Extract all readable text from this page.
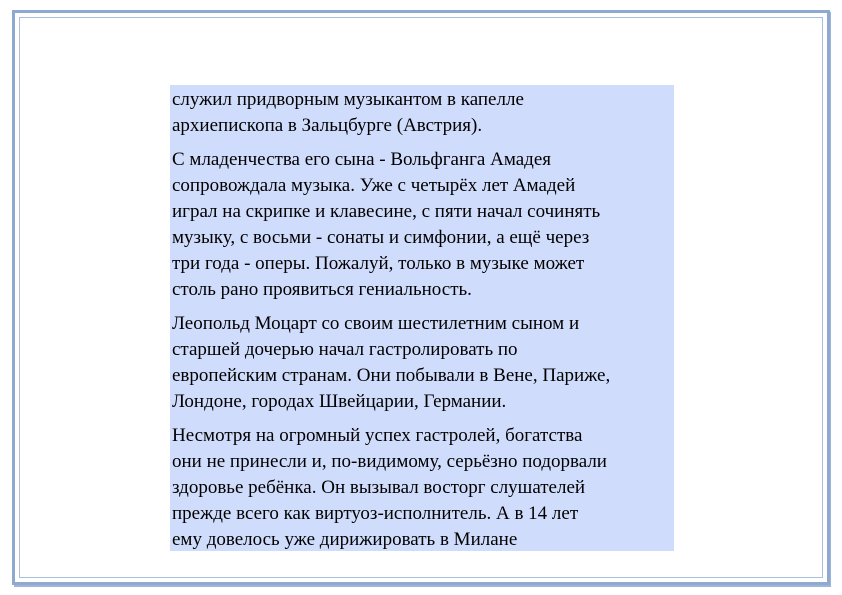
служил придворным музыкантом в капелле
архиепископа в Зальцбурге (Австрия).

С младенчества его сына - Вольфганга Амадея
сопровождала музыка. Уже с четырёх лет Амадей
играл на скрипке и клавесине, с пяти начал сочинять
музыку, с восьми - сонаты и симфонии, а ещё через
три года - оперы. Пожалуй, только в музыке может
столь рано проявиться гениальность.

Леопольд Моцарт со своим шестилетним сыном и
старшей дочерью начал гастролировать по
европейским странам. Они побывали в Вене, Париже,
Лондоне, городах Швейцарии, Германии.

Несмотря на огромный успех гастролей, богатства
они не принесли и, по-видимому, серьёзно подорвали
здоровье ребёнка. Он вызывал восторг слушателей
прежде всего как виртуоз-исполнитель. А в 14 лет
ему довелось уже дирижировать в Милане
